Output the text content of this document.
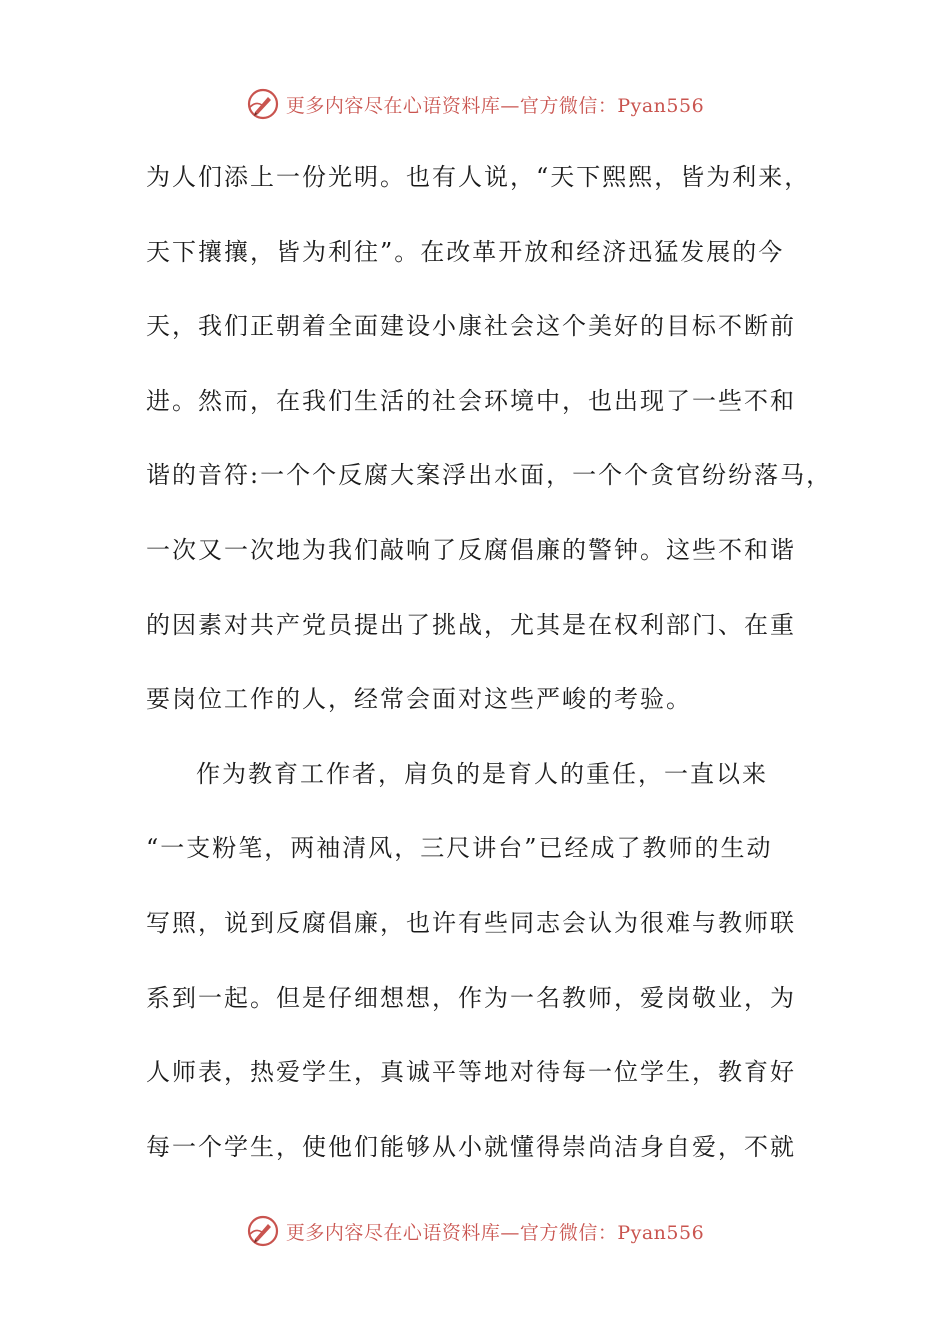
更多内容尽在心语资料库—官方微信：Pyan556
为人们添上一份光明。也有人说，“天下熙熙，皆为利来，
天下攘攘，皆为利往”。在改革开放和经济迅猛发展的今
天，我们正朝着全面建设小康社会这个美好的目标不断前
进。然而，在我们生活的社会环境中，也出现了一些不和
谐的音符:一个个反腐大案浮出水面，一个个贪官纷纷落马，
一次又一次地为我们敲响了反腐倡廉的警钟。这些不和谐
的因素对共产党员提出了挑战，尤其是在权利部门、在重
要岗位工作的人，经常会面对这些严峻的考验。
作为教育工作者，肩负的是育人的重任，一直以来
“一支粉笔，两袖清风，三尺讲台”已经成了教师的生动
写照，说到反腐倡廉，也许有些同志会认为很难与教师联
系到一起。但是仔细想想，作为一名教师，爱岗敬业，为
人师表，热爱学生，真诚平等地对待每一位学生，教育好
每一个学生，使他们能够从小就懂得崇尚洁身自爱，不就
更多内容尽在心语资料库—官方微信：Pyan556
